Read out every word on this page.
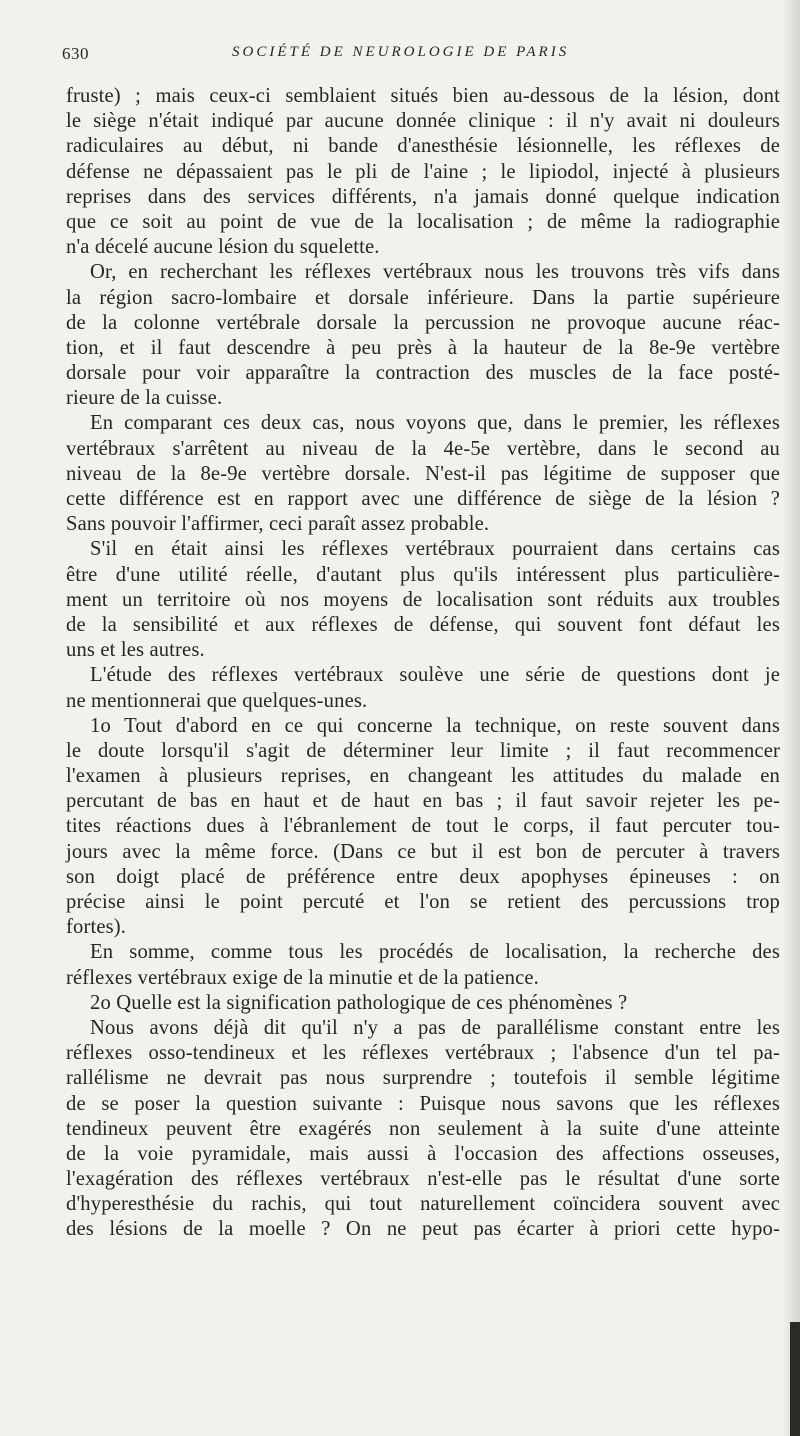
630	SOCIÉTÉ DE NEUROLOGIE DE PARIS
fruste) ; mais ceux-ci semblaient situés bien au-dessous de la lésion, dont
le siège n'était indiqué par aucune donnée clinique : il n'y avait ni douleurs
radiculaires au début, ni bande d'anesthésie lésionnelle, les réflexes de
défense ne dépassaient pas le pli de l'aine ; le lipiodol, injecté à plusieurs
reprises dans des services différents, n'a jamais donné quelque indication
que ce soit au point de vue de la localisation ; de même la radiographie
n'a décelé aucune lésion du squelette.
Or, en recherchant les réflexes vertébraux nous les trouvons très vifs dans
la région sacro-lombaire et dorsale inférieure. Dans la partie supérieure
de la colonne vertébrale dorsale la percussion ne provoque aucune réac-
tion, et il faut descendre à peu près à la hauteur de la 8e-9e vertèbre
dorsale pour voir apparaître la contraction des muscles de la face posté-
rieure de la cuisse.
En comparant ces deux cas, nous voyons que, dans le premier, les réflexes
vertébraux s'arrêtent au niveau de la 4e-5e vertèbre, dans le second au
niveau de la 8e-9e vertèbre dorsale. N'est-il pas légitime de supposer que
cette différence est en rapport avec une différence de siège de la lésion ?
Sans pouvoir l'affirmer, ceci paraît assez probable.
S'il en était ainsi les réflexes vertébraux pourraient dans certains cas
être d'une utilité réelle, d'autant plus qu'ils intéressent plus particulière-
ment un territoire où nos moyens de localisation sont réduits aux troubles
de la sensibilité et aux réflexes de défense, qui souvent font défaut les
uns et les autres.
L'étude des réflexes vertébraux soulève une série de questions dont je
ne mentionnerai que quelques-unes.
1o Tout d'abord en ce qui concerne la technique, on reste souvent dans
le doute lorsqu'il s'agit de déterminer leur limite ; il faut recommencer
l'examen à plusieurs reprises, en changeant les attitudes du malade en
percutant de bas en haut et de haut en bas ; il faut savoir rejeter les pe-
tites réactions dues à l'ébranlement de tout le corps, il faut percuter tou-
jours avec la même force. (Dans ce but il est bon de percuter à travers
son doigt placé de préférence entre deux apophyses épineuses : on
précise ainsi le point percuté et l'on se retient des percussions trop
fortes).
En somme, comme tous les procédés de localisation, la recherche des
réflexes vertébraux exige de la minutie et de la patience.
2o Quelle est la signification pathologique de ces phénomènes ?
Nous avons déjà dit qu'il n'y a pas de parallélisme constant entre les
réflexes osso-tendineux et les réflexes vertébraux ; l'absence d'un tel pa-
rallélisme ne devrait pas nous surprendre ; toutefois il semble légitime
de se poser la question suivante : Puisque nous savons que les réflexes
tendineux peuvent être exagérés non seulement à la suite d'une atteinte
de la voie pyramidale, mais aussi à l'occasion des affections osseuses,
l'exagération des réflexes vertébraux n'est-elle pas le résultat d'une sorte
d'hyperesthésie du rachis, qui tout naturellement coïncidera souvent avec
des lésions de la moelle ? On ne peut pas écarter à priori cette hypo-
